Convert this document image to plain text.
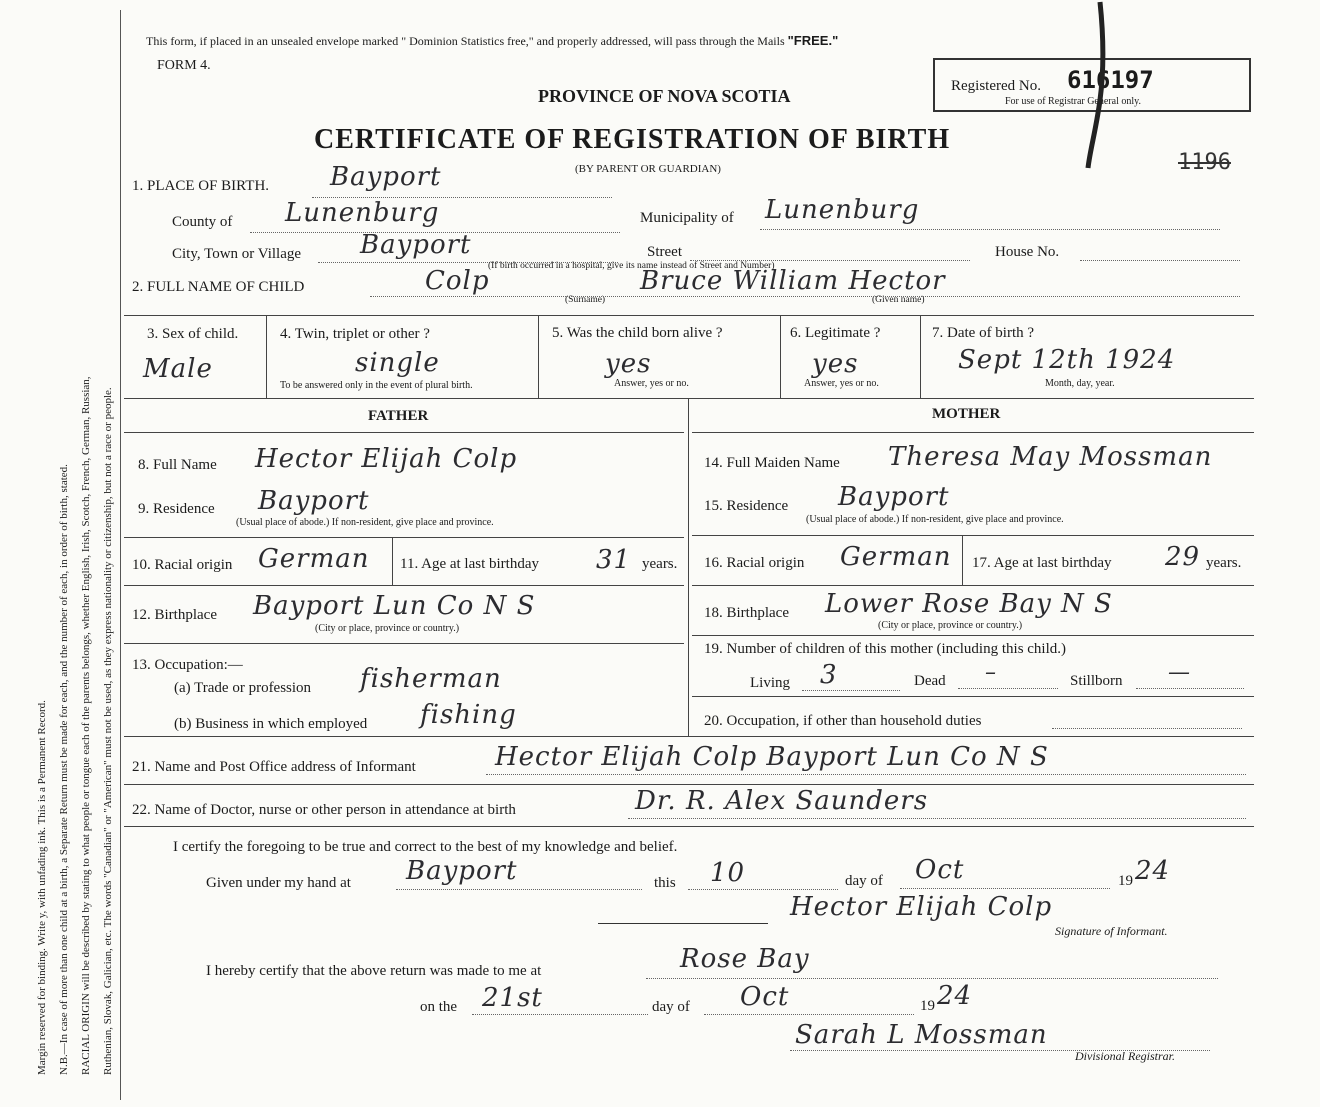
Margin reserved for binding. Write y, with unfading ink. This is a Permanent Record. N.B.—In case of more than one child at a birth, a Separate Return must be made for each, and the number of each, in order of birth, stated. RACIAL ORIGIN will be described by stating to what people or tongue each of the parents belongs, whether English, Irish, Scotch, French, German, Russian, Ruthenian, Slovak, Galician, etc. The words "Canadian" or "American" must not be used, as they express nationality or citizenship, but not a race or people.
This form, if placed in an unsealed envelope marked " Dominion Statistics free," and properly addressed, will pass through the Mails "FREE."
FORM 4.
PROVINCE OF NOVA SCOTIA
CERTIFICATE OF REGISTRATION OF BIRTH
(BY PARENT OR GUARDIAN)
Registered No. 616197
For use of Registrar General only.
1196
1. PLACE OF BIRTH. Bayport
County of Lunenburg	Municipality of Lunenburg
City, Town or Village Bayport	Street
(If birth occurred in a hospital, give its name instead of Street and Number)
House No.
2. FULL NAME OF CHILD	Colp
(Surname)
Bruce William Hector
(Given name)
3. Sex of child.
Male
4. Twin, triplet or other ?
single
To be answered only in the event of plural birth.
5. Was the child born alive ?
yes
Answer, yes or no.
6. Legitimate ?
yes
Answer, yes or no.
7. Date of birth ?
Sept 12th 1924
Month, day, year.
FATHER	MOTHER
8. Full Name Hector Elijah Colp
9. Residence Bayport
(Usual place of abode.) If non-resident, give place and province.
10. Racial origin German 11. Age at last birthday 31 years.
12. Birthplace Bayport Lun Co N S
(City or place, province or country.)
13. Occupation:—
(a) Trade or profession fisherman
(b) Business in which employed fishing
14. Full Maiden Name Theresa May Mossman
15. Residence Bayport
(Usual place of abode.) If non-resident, give place and province.
16. Racial origin German 17. Age at last birthday 29 years.
18. Birthplace Lower Rose Bay N S
(City or place, province or country.)
19. Number of children of this mother (including this child.)
Living 3	Dead –	Stillborn —
20. Occupation, if other than household duties
21. Name and Post Office address of Informant	Hector Elijah Colp Bayport Lun Co N S
22. Name of Doctor, nurse or other person in attendance at birth	Dr. R. Alex Saunders
I certify the foregoing to be true and correct to the best of my knowledge and belief.
Given under my hand at Bayport	this 10	day of Oct	19 24
Hector Elijah Colp
Signature of Informant.
I hereby certify that the above return was made to me at	Rose Bay
on the 21st	day of Oct	19 24
Sarah L Mossman
Divisional Registrar.
